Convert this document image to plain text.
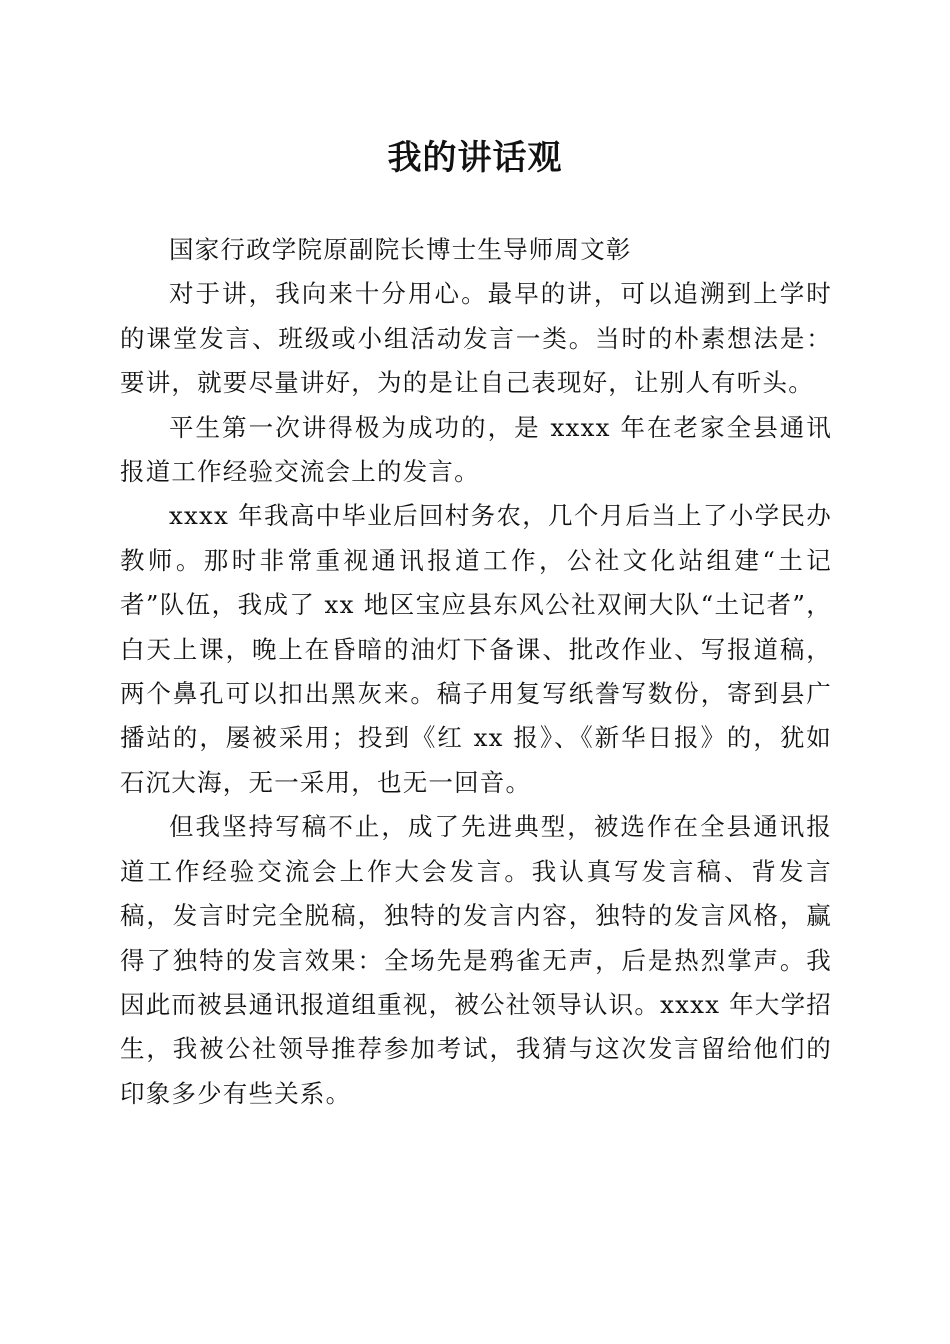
我的讲话观

国家行政学院原副院长博士生导师周文彰

对于讲，我向来十分用心。最早的讲，可以追溯到上学时的课堂发言、班级或小组活动发言一类。当时的朴素想法是：要讲，就要尽量讲好，为的是让自己表现好，让别人有听头。

平生第一次讲得极为成功的，是 xxxx 年在老家全县通讯报道工作经验交流会上的发言。

xxxx 年我高中毕业后回村务农，几个月后当上了小学民办教师。那时非常重视通讯报道工作，公社文化站组建“土记者”队伍，我成了 xx 地区宝应县东风公社双闸大队“土记者”，白天上课，晚上在昏暗的油灯下备课、批改作业、写报道稿，两个鼻孔可以扣出黑灰来。稿子用复写纸誊写数份，寄到县广播站的，屡被采用；投到《红 xx 报》、《新华日报》的，犹如石沉大海，无一采用，也无一回音。

但我坚持写稿不止，成了先进典型，被选作在全县通讯报道工作经验交流会上作大会发言。我认真写发言稿、背发言稿，发言时完全脱稿，独特的发言内容，独特的发言风格，赢得了独特的发言效果：全场先是鸦雀无声，后是热烈掌声。我因此而被县通讯报道组重视，被公社领导认识。xxxx 年大学招生，我被公社领导推荐参加考试，我猜与这次发言留给他们的印象多少有些关系。
